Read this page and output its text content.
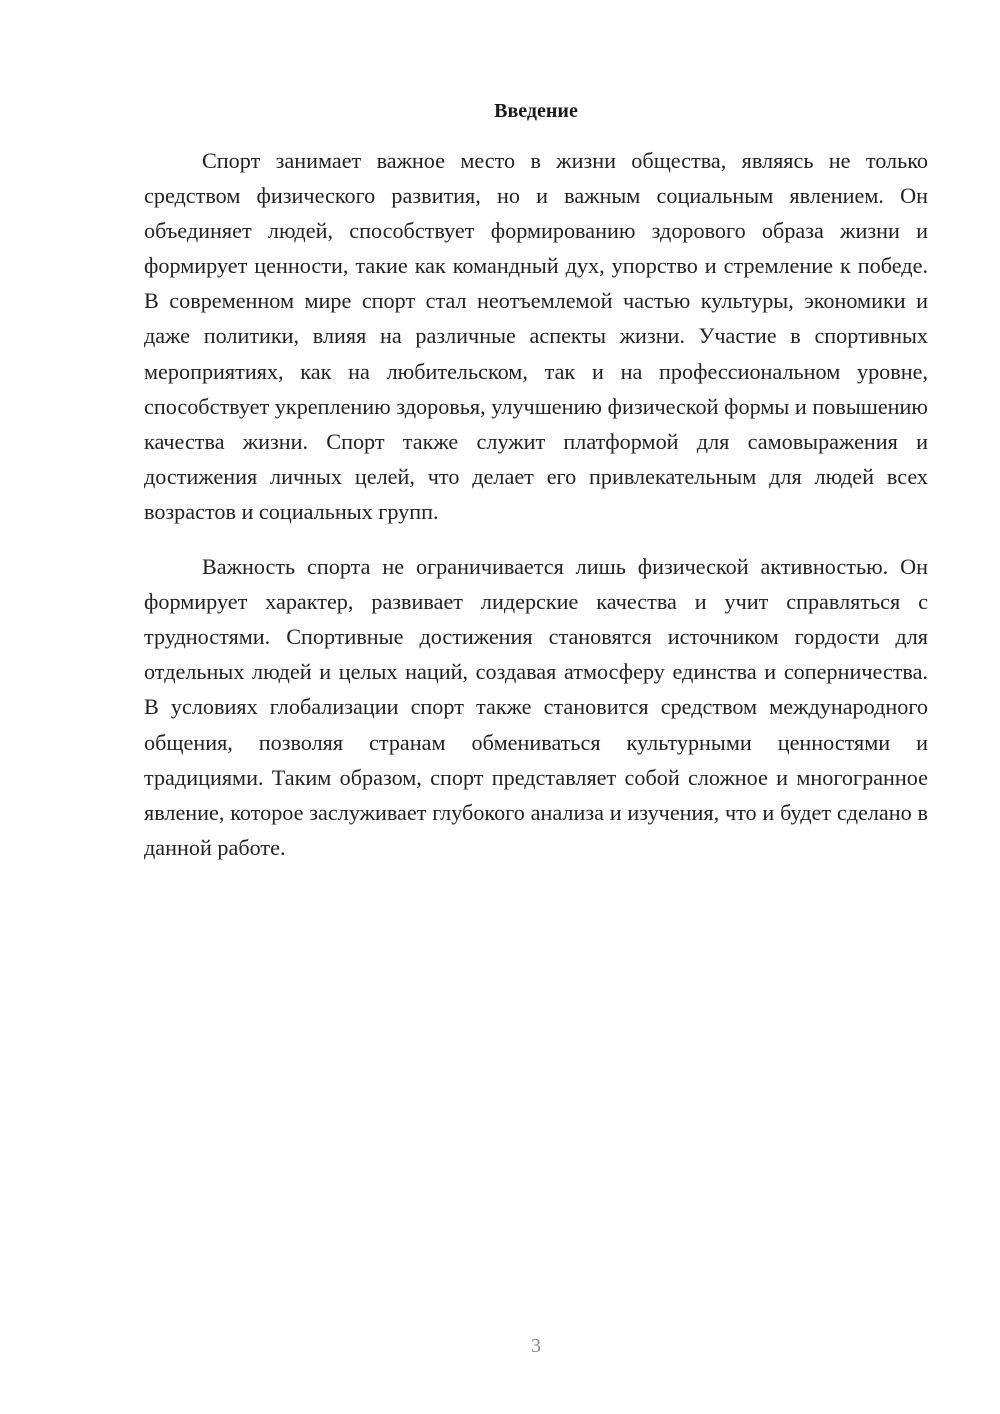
Введение

Спорт занимает важное место в жизни общества, являясь не только средством физического развития, но и важным социальным явлением. Он объединяет людей, способствует формированию здорового образа жизни и формирует ценности, такие как командный дух, упорство и стремление к победе. В современном мире спорт стал неотъемлемой частью культуры, экономики и даже политики, влияя на различные аспекты жизни. Участие в спортивных мероприятиях, как на любительском, так и на профессиональном уровне, способствует укреплению здоровья, улучшению физической формы и повышению качества жизни. Спорт также служит платформой для самовыражения и достижения личных целей, что делает его привлекательным для людей всех возрастов и социальных групп.

Важность спорта не ограничивается лишь физической активностью. Он формирует характер, развивает лидерские качества и учит справляться с трудностями. Спортивные достижения становятся источником гордости для отдельных людей и целых наций, создавая атмосферу единства и соперничества. В условиях глобализации спорт также становится средством международного общения, позволяя странам обмениваться культурными ценностями и традициями. Таким образом, спорт представляет собой сложное и многогранное явление, которое заслуживает глубокого анализа и изучения, что и будет сделано в данной работе.

3
